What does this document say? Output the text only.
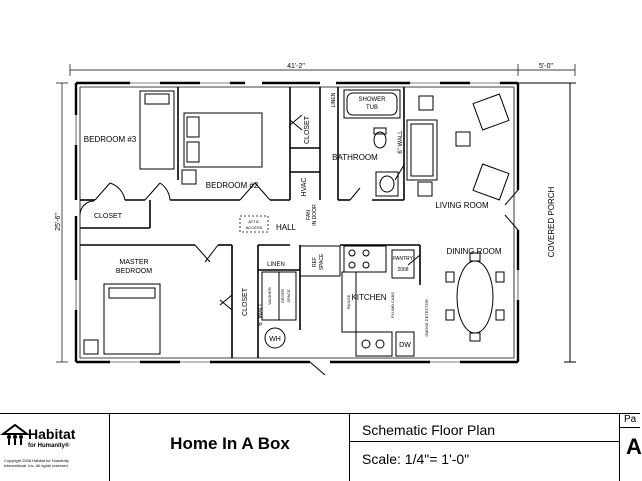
41'-2"	5'-0"
25'-6"
BEDROOM #3
BEDROOM #2
CLOSET
HVAC
LINEN	SHOWER
TUB
BATHROOM
6" WALL
LIVING ROOM	COVERED PORCH
ATTIC
ACCESS HALL
FAN IN DOOR
CLOSET
MASTER
BEDROOM
CLOSET
LINEN
6" WALL
WASHER DRYER SPACE
WH
REF SPACE
RANGE KITCHEN PLUMB CABS
PANTRY
2068
SMOKE DETECTOR
DW
DINING ROOM
Habitat
for Humanity®
Copyright 2006 Habitat for Humanity International, Inc. All rights reserved
Home In A Box
Schematic Floor Plan
Scale: 1/4"= 1'-0"
Pa
A
